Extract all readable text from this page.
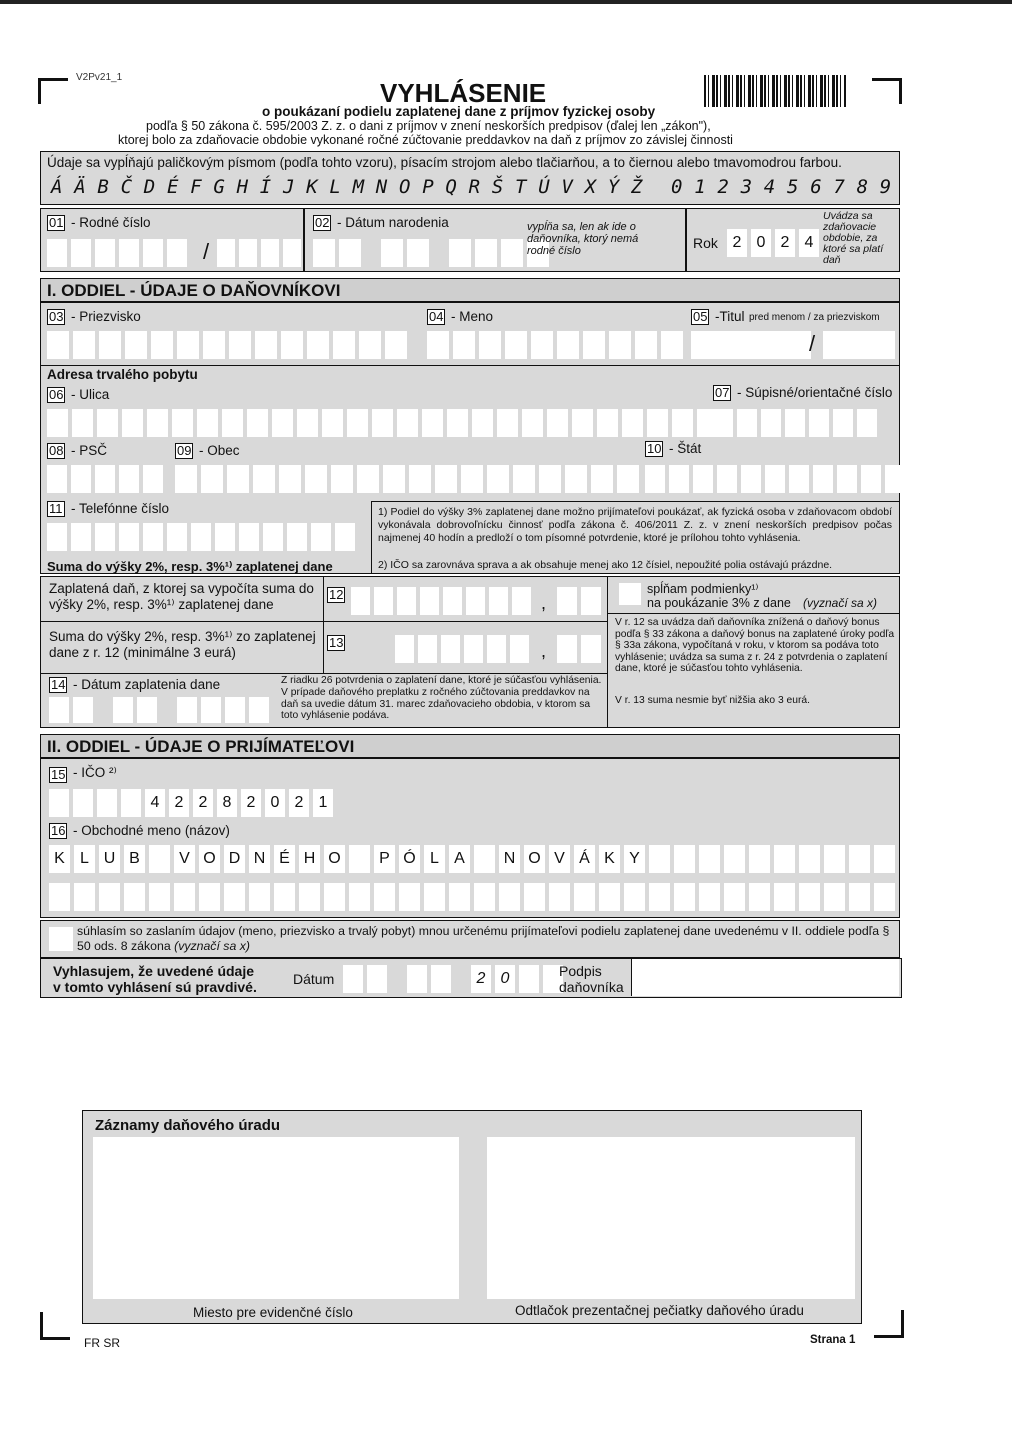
V2Pv21_1
VYHLÁSENIE
o poukázaní podielu zaplatenej dane z príjmov fyzickej osoby
podľa § 50 zákona č. 595/2003 Z. z. o dani z príjmov v znení neskorších predpisov (ďalej len „zákon"),
ktorej bolo za zdaňovacie obdobie vykonané ročné zúčtovanie preddavkov na daň z príjmov zo závislej činnosti
Údaje sa vypĺňajú paličkovým písmom (podľa tohto vzoru), písacím strojom alebo tlačiarňou, a to čiernou alebo tmavomodrou farbou.
Á Ä B Č D É F G H Í J K L M N O P Q R Š T Ú V X Ý Ž 0 1 2 3 4 5 6 7 8 9
01 - Rodné číslo
/
02 - Dátum narodenia	vypĺňa sa, len ak ide o daňovníka, ktorý nemá rodné číslo	Rok 2 0 2 4
Uvádza sa zdaňovacie obdobie, za ktoré sa platí daň
I. ODDIEL - ÚDAJE O DAŇOVNÍKOVI
03 - Priezvisko	04 - Meno	05 -Titul pred menom / za priezviskom
/
Adresa trvalého pobytu
06 - Ulica	07 - Súpisné/orientačné číslo
08 - PSČ	09 - Obec	10 - Štát
11 - Telefónne číslo	1) Podiel do výšky 3% zaplatenej dane možno prijímateľovi poukázať, ak fyzická osoba v zdaňovacom období vykonávala dobrovoľnícku činnosť podľa zákona č. 406/2011 Z. z. v znení neskorších predpisov počas najmenej 40 hodín a predloží o tom písomné potvrdenie, ktoré je prílohou tohto vyhlásenia.
2) IČO sa zarovnáva sprava a ak obsahuje menej ako 12 čísiel, nepoužité polia ostávajú prázdne.
Suma do výšky 2%, resp. 3%¹⁾ zaplatenej dane
Zaplatená daň, z ktorej sa vypočíta suma do výšky 2%, resp. 3%¹⁾ zaplatenej dane
12	,
Suma do výšky 2%, resp. 3%¹⁾ zo zaplatenej dane z r. 12 (minimálne 3 eurá)
13	,
spĺňam podmienky¹⁾
na poukázanie 3% z dane (vyznačí sa x)
V r. 12 sa uvádza daň daňovníka znížená o daňový bonus podľa § 33 zákona a daňový bonus na zaplatené úroky podľa § 33a zákona, vypočítaná v roku, v ktorom sa podáva toto vyhlásenie; uvádza sa suma z r. 24 z potvrdenia o zaplatení dane, ktoré je súčasťou tohto vyhlásenia.
V r. 13 suma nesmie byť nižšia ako 3 eurá.
14 - Dátum zaplatenia dane	Z riadku 26 potvrdenia o zaplatení dane, ktoré je súčasťou vyhlásenia. V prípade daňového preplatku z ročného zúčtovania preddavkov na daň sa uvedie dátum 31. marec zdaňovacieho obdobia, v ktorom sa toto vyhlásenie podáva.
II. ODDIEL - ÚDAJE O PRIJÍMATEĽOVI
15 - IČO ²⁾
4 2 2 8 2 0 2 1
16 - Obchodné meno (názov)
K L U B	V O D N É H O	P Ó L A	N O V Á K Y
súhlasím so zaslaním údajov (meno, priezvisko a trvalý pobyt) mnou určenému prijímateľovi podielu zaplatenej dane uvedenému v II. oddiele podľa § 50 ods. 8 zákona (vyznačí sa x)
Vyhlasujem, že uvedené údaje
v tomto vyhlásení sú pravdivé.	Dátum	2 0	Podpis
daňovníka
Záznamy daňového úradu
Miesto pre evidenčné číslo	Odtlačok prezentačnej pečiatky daňového úradu
FR SR	Strana 1
